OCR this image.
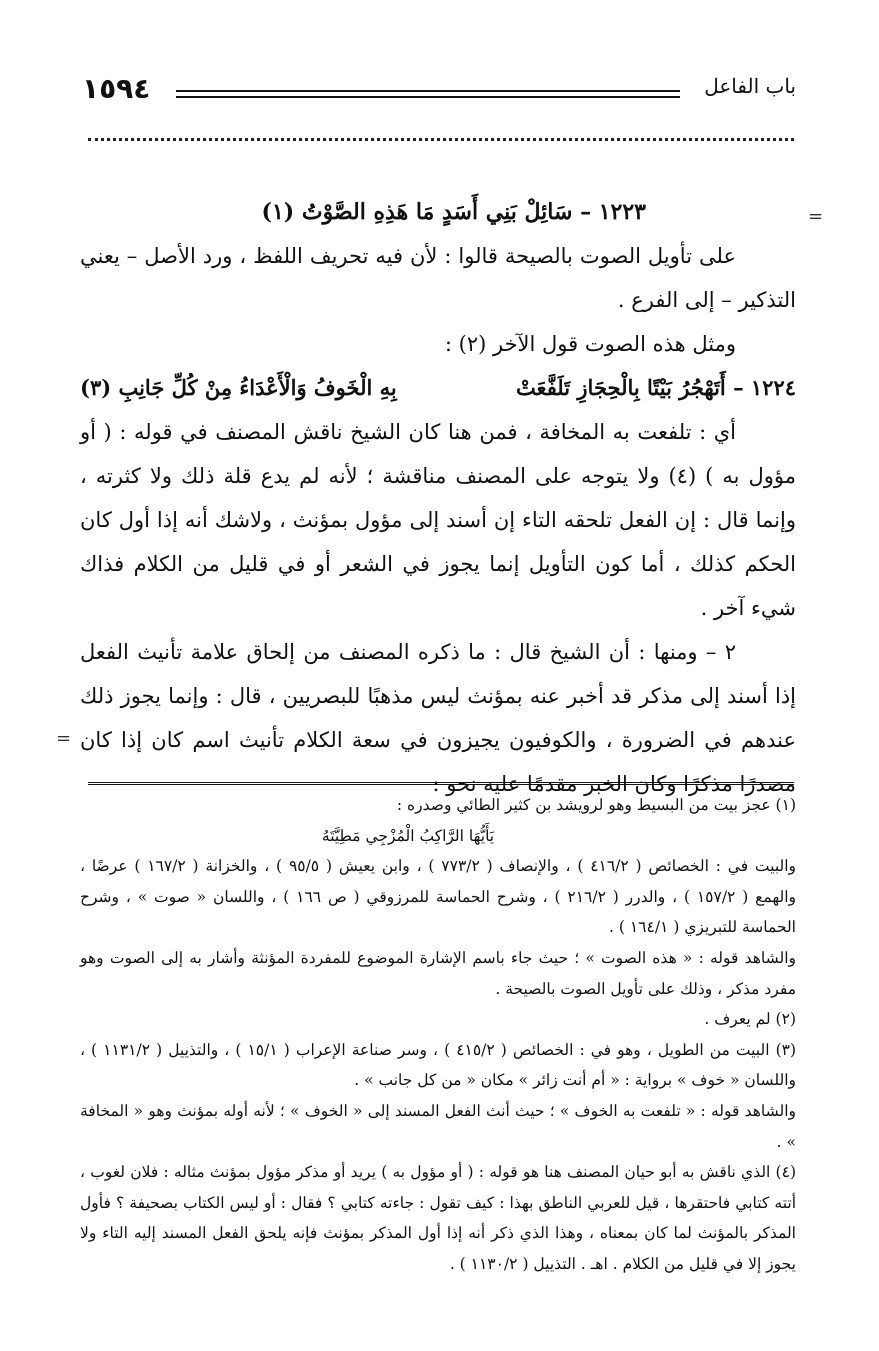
١٥٩٤	باب الفاعل
=
=

١٢٢٣ – سَائِلْ بَنِي أَسَدٍ مَا هَذِهِ الصَّوْتُ (١)

على تأويل الصوت بالصيحة قالوا : لأن فيه تحريف اللفظ ، ورد الأصل – يعني التذكير – إلى الفرع .

ومثل هذه الصوت قول الآخر (٢) :

١٢٢٤ – أَتَهْجُرُ بَيْتًا بِالْحِجَازِ تَلَفَّعَتْ
بِهِ الْخَوفُ وَالْأَعْدَاءُ مِنْ كُلِّ جَانِبِ (٣)

أي : تلفعت به المخافة ، فمن هنا كان الشيخ ناقش المصنف في قوله : ( أو مؤول به ) (٤) ولا يتوجه على المصنف مناقشة ؛ لأنه لم يدع قلة ذلك ولا كثرته ، وإنما قال : إن الفعل تلحقه التاء إن أسند إلى مؤول بمؤنث ، ولاشك أنه إذا أول كان الحكم كذلك ، أما كون التأويل إنما يجوز في الشعر أو في قليل من الكلام فذاك شيء آخر .

٢ – ومنها : أن الشيخ قال : ما ذكره المصنف من إلحاق علامة تأنيث الفعل إذا أسند إلى مذكر قد أخبر عنه بمؤنث ليس مذهبًا للبصريين ، قال : وإنما يجوز ذلك عندهم في الضرورة ، والكوفيون يجيزون في سعة الكلام تأنيث اسم كان إذا كان مصدرًا مذكرًا وكان الخبر مقدمًا عليه نحو :

(١) عجز بيت من البسيط وهو لرويشد بن كثير الطائي وصدره :

يَأَيُّهَا الرَّاكِبُ الْمُزْجِي مَطِيَّتَهُ

والبيت في : الخصائص ( ٤١٦/٢ ) ، والإنصاف ( ٧٧٣/٢ ) ، وابن يعيش ( ٩٥/٥ ) ، والخزانة ( ١٦٧/٢ ) عرضًا ، والهمع ( ١٥٧/٢ ) ، والدرر ( ٢١٦/٢ ) ، وشرح الحماسة للمرزوقي ( ص ١٦٦ ) ، واللسان « صوت » ، وشرح الحماسة للتبريزي ( ١٦٤/١ ) .

والشاهد قوله : « هذه الصوت » ؛ حيث جاء باسم الإشارة الموضوع للمفردة المؤنثة وأشار به إلى الصوت وهو مفرد مذكر ، وذلك على تأويل الصوت بالصيحة .

(٢) لم يعرف .

(٣) البيت من الطويل ، وهو في : الخصائص ( ٤١٥/٢ ) ، وسر صناعة الإعراب ( ١٥/١ ) ، والتذييل ( ١١٣١/٢ ) ، واللسان « خوف » برواية : « أم أنت زائر » مكان « من كل جانب » .

والشاهد قوله : « تلفعت به الخوف » ؛ حيث أنث الفعل المسند إلى « الخوف » ؛ لأنه أوله بمؤنث وهو « المخافة » .

(٤) الذي ناقش به أبو حيان المصنف هنا هو قوله : ( أو مؤول به ) يريد أو مذكر مؤول بمؤنث مثاله : فلان لغوب ، أتته كتابي فاحتقرها ، قيل للعربي الناطق بهذا : كيف تقول : جاءته كتابي ؟ فقال : أو ليس الكتاب بصحيفة ؟ فأول المذكر بالمؤنث لما كان بمعناه ، وهذا الذي ذكر أنه إذا أول المذكر بمؤنث فإنه يلحق الفعل المسند إليه التاء ولا يجوز إلا في قليل من الكلام . اهـ . التذييل ( ١١٣٠/٢ ) .
